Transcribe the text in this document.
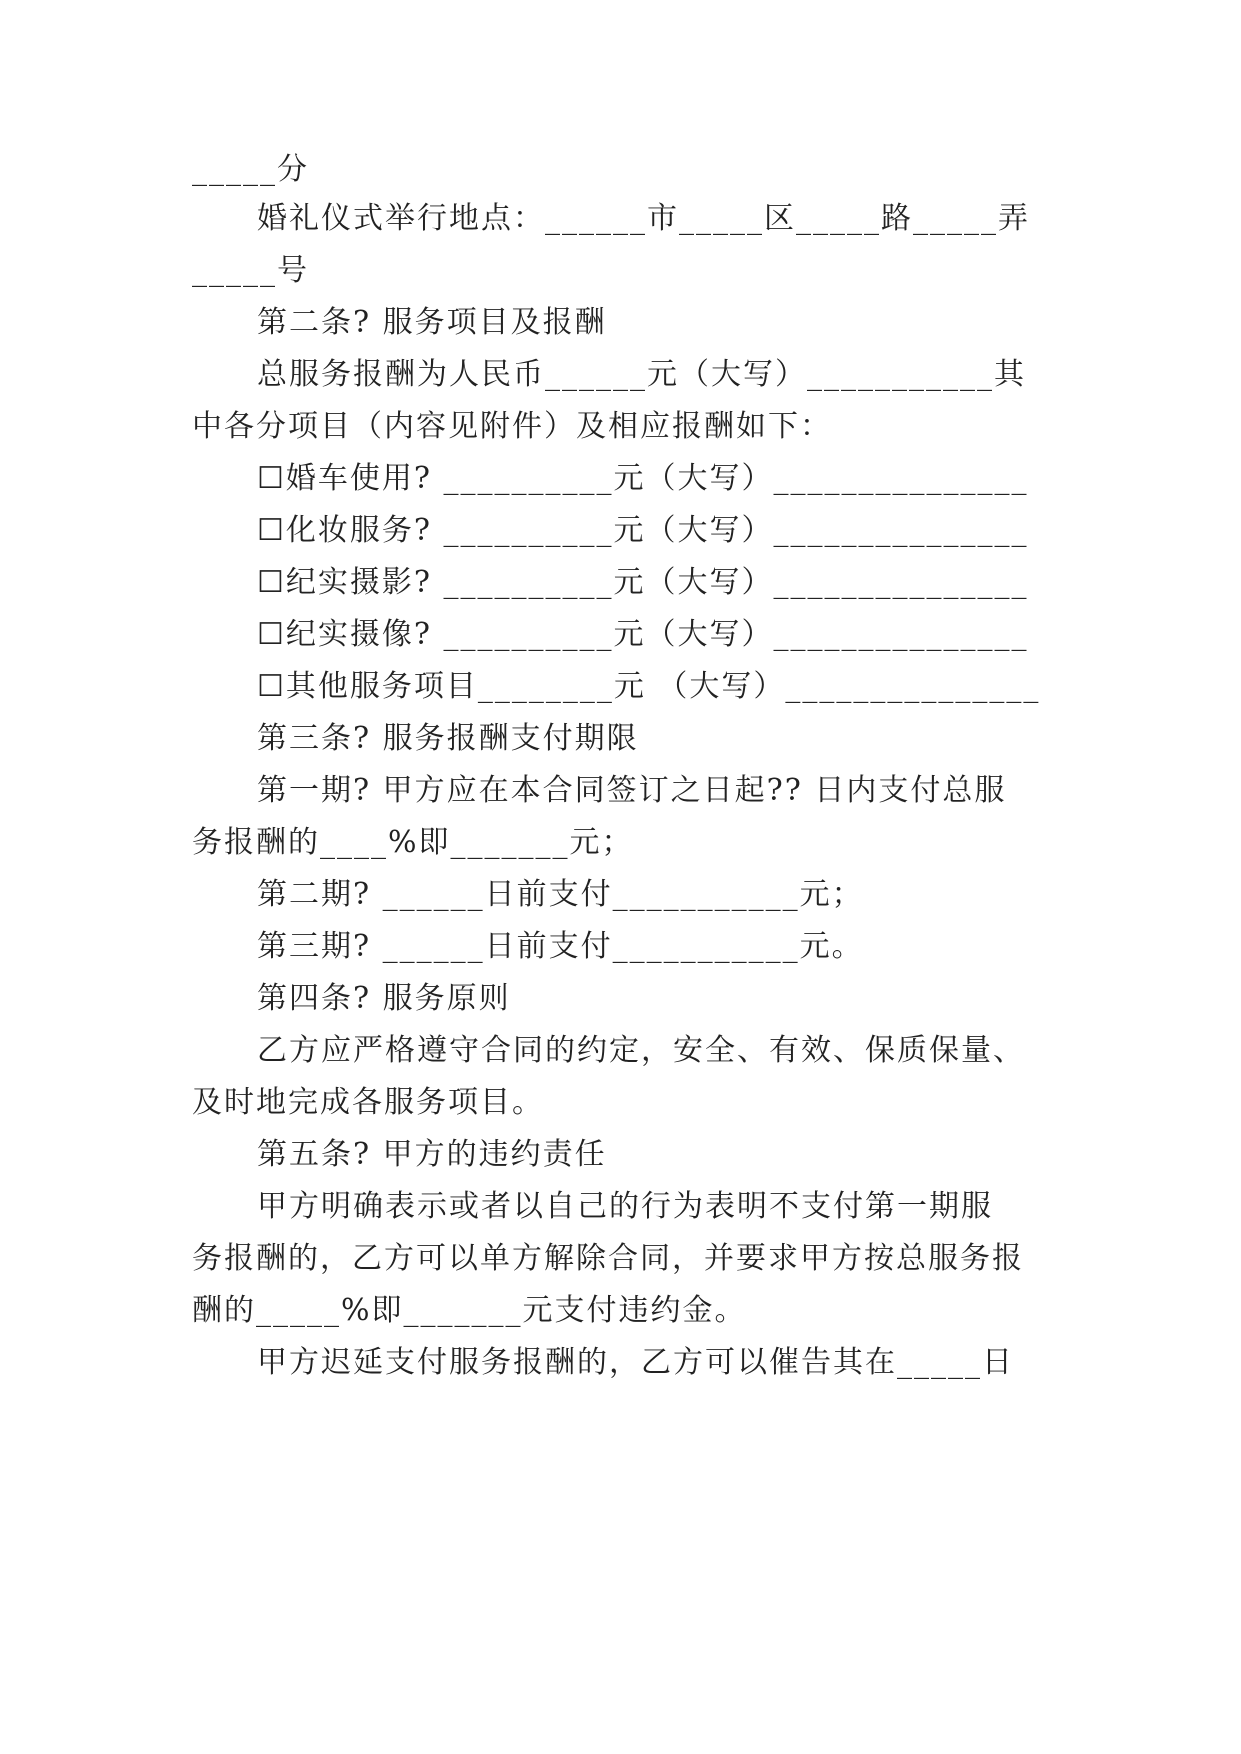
_____分
婚礼仪式举行地点：______市_____区_____路_____弄
_____号
第二条? 服务项目及报酬
总服务报酬为人民币______元（大写）___________其
中各分项目（内容见附件）及相应报酬如下：
☐婚车使用? __________元（大写）_______________
☐化妆服务? __________元（大写）_______________
☐纪实摄影? __________元（大写）_______________
☐纪实摄像? __________元（大写）_______________
☐其他服务项目________元 （大写）_______________
第三条? 服务报酬支付期限
第一期? 甲方应在本合同签订之日起?? 日内支付总服
务报酬的____%即_______元；
第二期? ______日前支付___________元；
第三期? ______日前支付___________元。
第四条? 服务原则
乙方应严格遵守合同的约定，安全、有效、保质保量、
及时地完成各服务项目。
第五条? 甲方的违约责任
甲方明确表示或者以自己的行为表明不支付第一期服
务报酬的，乙方可以单方解除合同，并要求甲方按总服务报
酬的_____%即_______元支付违约金。
甲方迟延支付服务报酬的，乙方可以催告其在_____日
